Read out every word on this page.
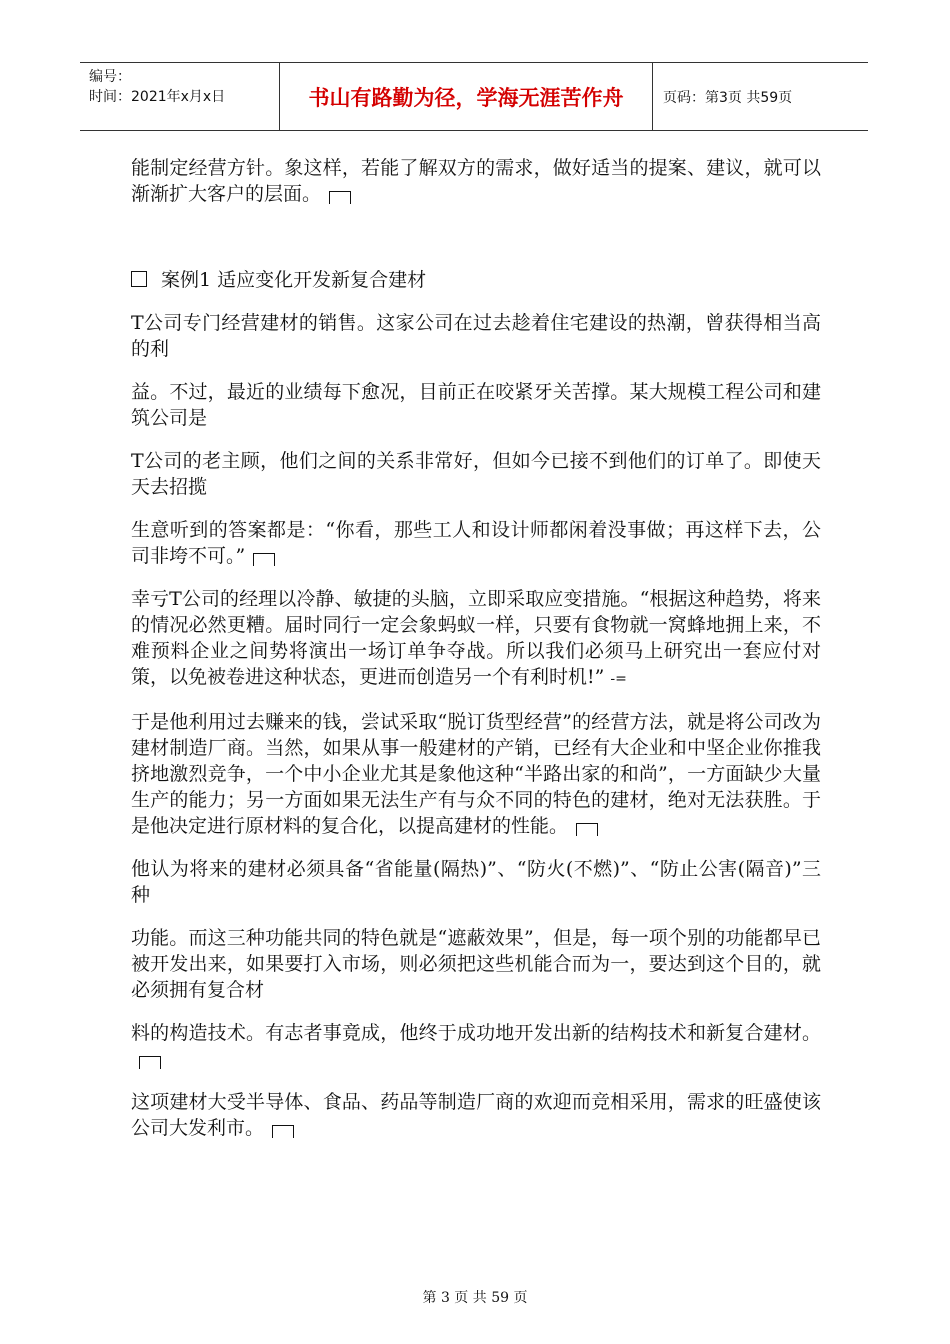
编号：
时间：2021年x月x日	书山有路勤为径，学海无涯苦作舟	页码：第3页 共59页

能制定经营方针。象这样，若能了解双方的需求，做好适当的提案、建议，就可以渐渐扩大客户的层面。

案例1 适应变化开发新复合建材

T公司专门经营建材的销售。这家公司在过去趁着住宅建设的热潮，曾获得相当高的利

益。不过，最近的业绩每下愈况，目前正在咬紧牙关苦撑。某大规模工程公司和建筑公司是

T公司的老主顾，他们之间的关系非常好，但如今已接不到他们的订单了。即使天天去招揽

生意听到的答案都是：“你看，那些工人和设计师都闲着没事做；再这样下去，公司非垮不可。”

幸亏T公司的经理以冷静、敏捷的头脑，立即采取应变措施。“根据这种趋势，将来的情况必然更糟。届时同行一定会象蚂蚁一样，只要有食物就一窝蜂地拥上来，不难预料企业之间势将演出一场订单争夺战。所以我们必须马上研究出一套应付对策，以免被卷进这种状态，更进而创造另一个有利时机!” -=

于是他利用过去赚来的钱，尝试采取“脱订货型经营”的经营方法，就是将公司改为建材制造厂商。当然，如果从事一般建材的产销，已经有大企业和中坚企业你推我挤地激烈竞争，一个中小企业尤其是象他这种“半路出家的和尚”，一方面缺少大量生产的能力；另一方面如果无法生产有与众不同的特色的建材，绝对无法获胜。于是他决定进行原材料的复合化，以提高建材的性能。

他认为将来的建材必须具备“省能量(隔热)”、“防火(不燃)”、“防止公害(隔音)”三种

功能。而这三种功能共同的特色就是“遮蔽效果”，但是，每一项个别的功能都早已被开发出来，如果要打入市场，则必须把这些机能合而为一，要达到这个目的，就必须拥有复合材

料的构造技术。有志者事竟成，他终于成功地开发出新的结构技术和新复合建材。

这项建材大受半导体、食品、药品等制造厂商的欢迎而竞相采用，需求的旺盛使该公司大发利市。

第 3 页 共 59 页
